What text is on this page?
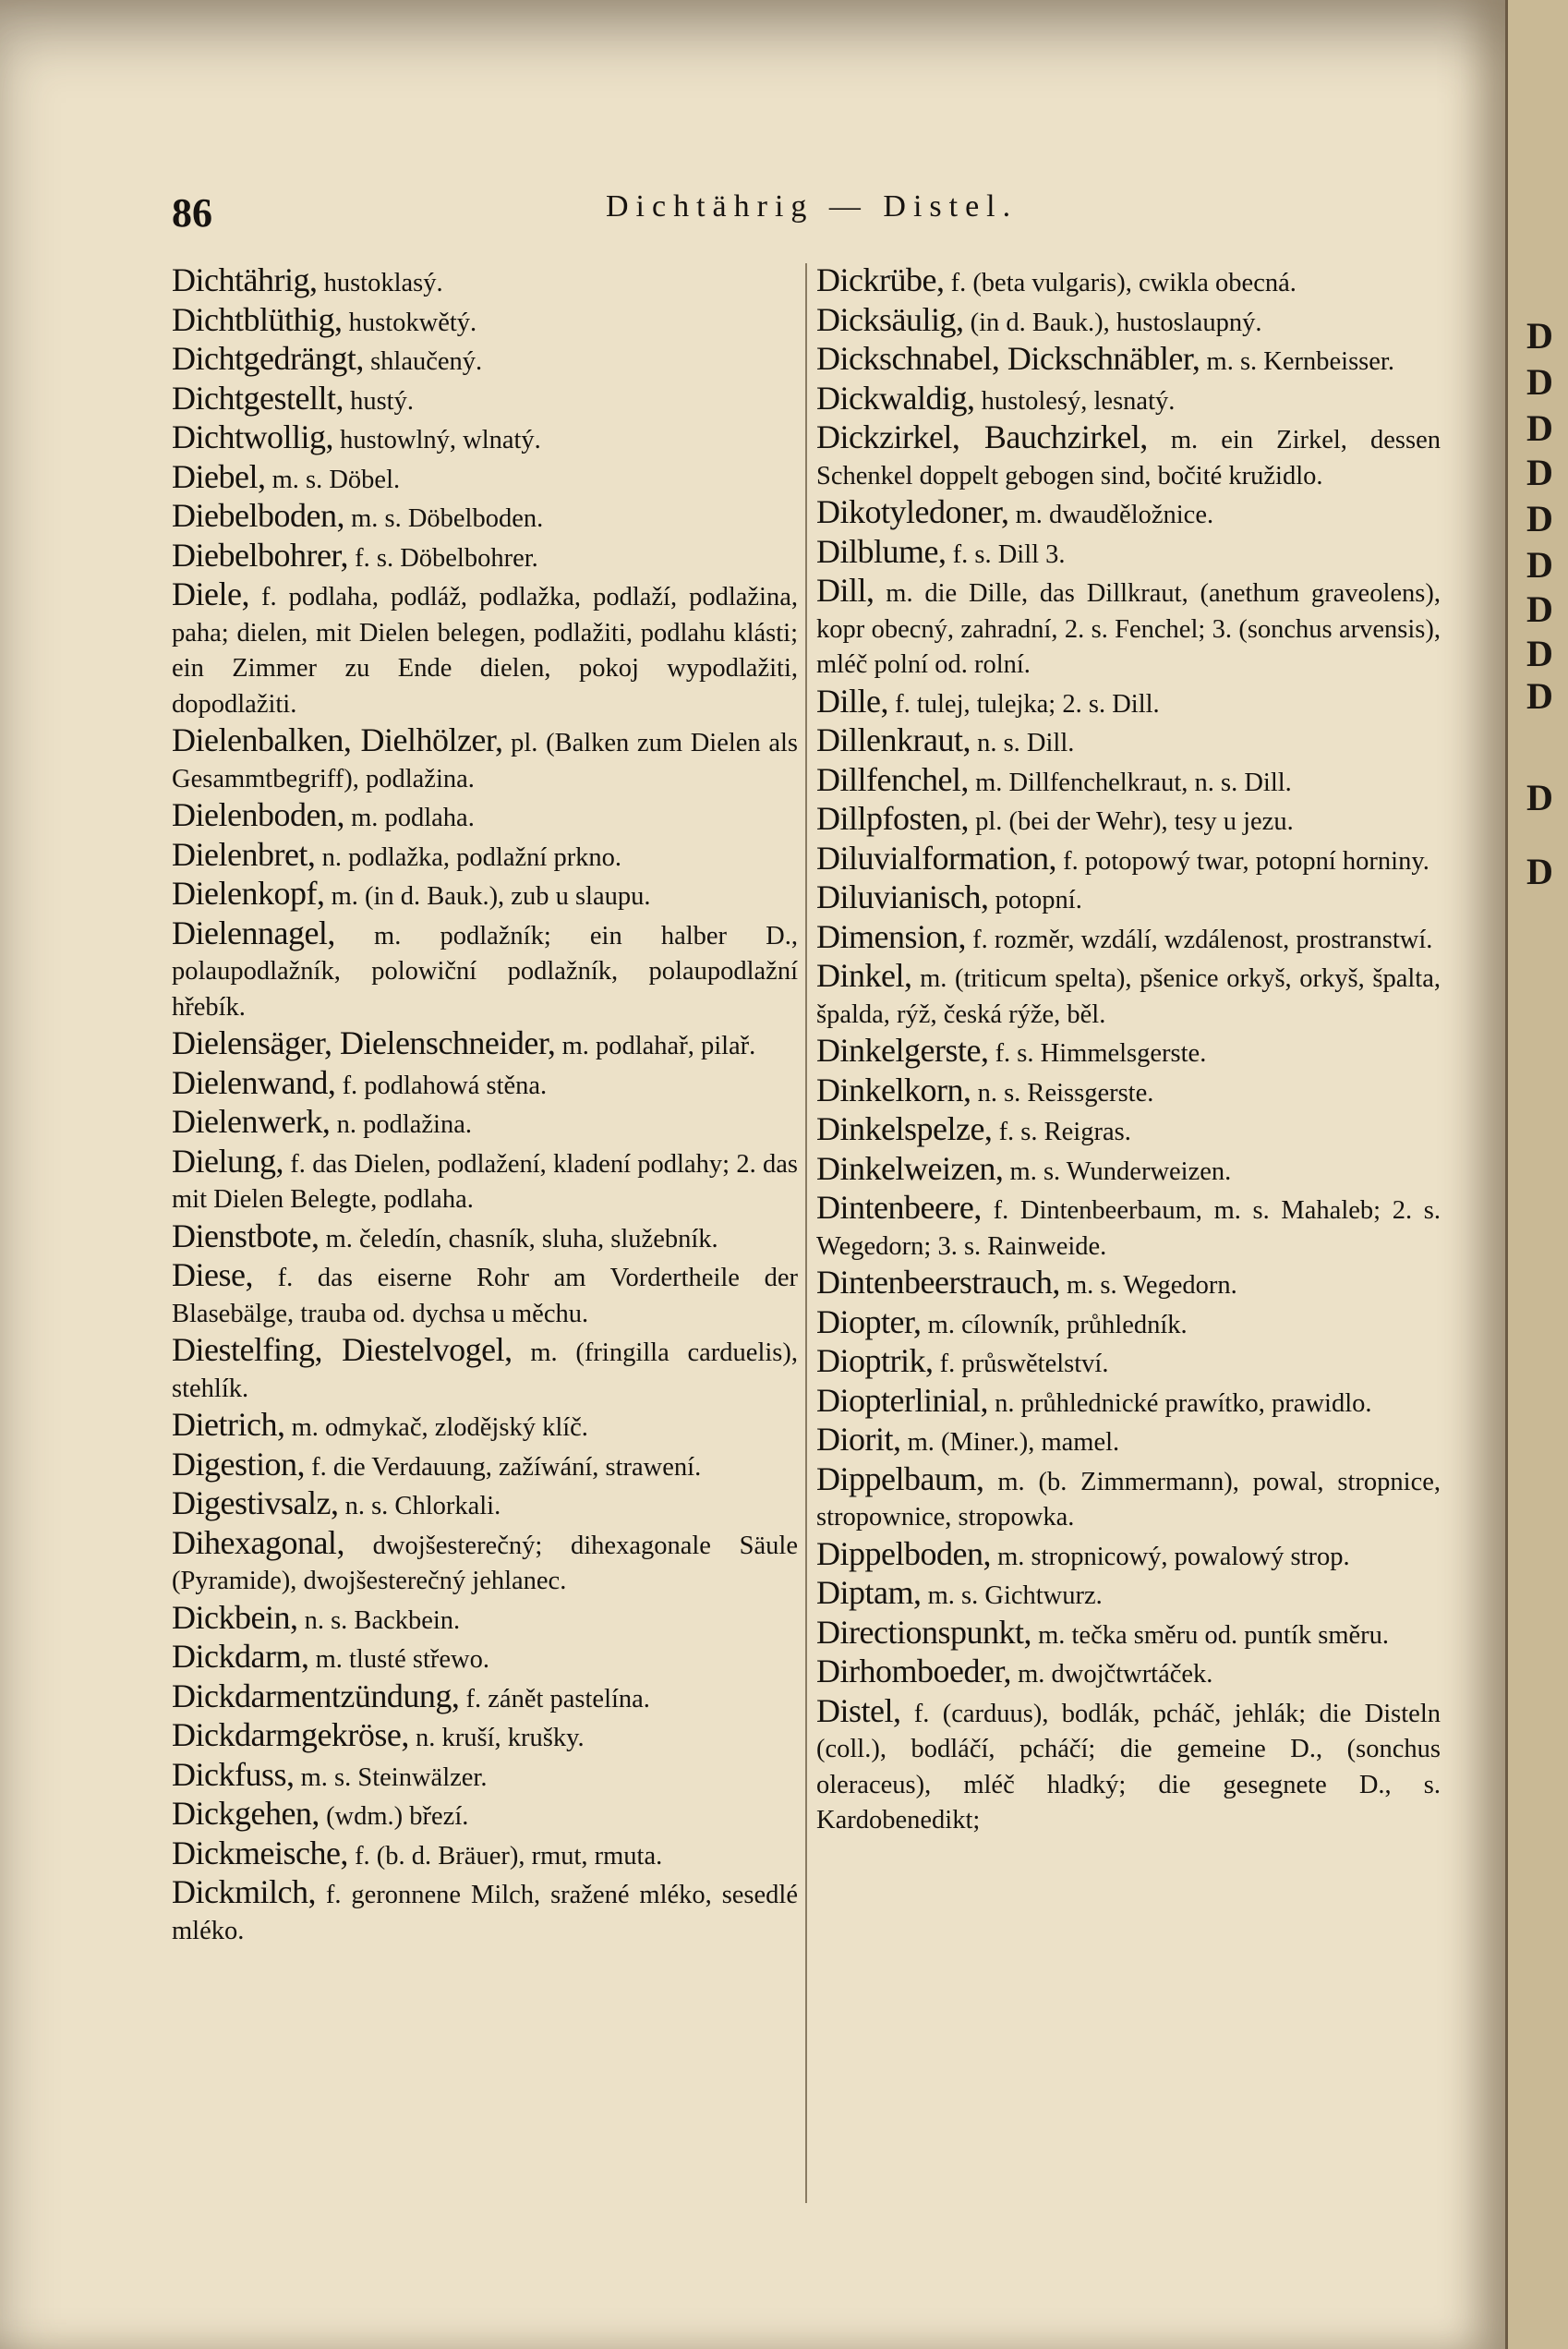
86	Dichtährig — Distel.
Dichtährig, hustoklasý.
Dichtblüthig, hustokwětý.
Dichtgedrängt, shlaučený.
Dichtgestellt, hustý.
Dichtwollig, hustowlný, wlnatý.
Diebel, m. s. Döbel.
Diebelboden, m. s. Döbelboden.
Diebelbohrer, f. s. Döbelbohrer.
Diele, f. podlaha, podláž, podlažka, podlaží, podlažina, paha; dielen, mit Dielen belegen, podlažiti, podlahu klásti; ein Zimmer zu Ende dielen, pokoj wypodlažiti, dopodlažiti.
Dielenbalken, Dielhölzer, pl. (Balken zum Dielen als Gesammtbegriff), podlažina.
Dielenboden, m. podlaha.
Dielenbret, n. podlažka, podlažní prkno.
Dielenkopf, m. (in d. Bauk.), zub u slaupu.
Dielennagel, m. podlažník; ein halber D., polaupodlažník, polowiční podlažník, polaupodlažní hřebík.
Dielensäger, Dielenschneider, m. podlahař, pilař.
Dielenwand, f. podlahowá stěna.
Dielenwerk, n. podlažina.
Dielung, f. das Dielen, podlažení, kladení podlahy; 2. das mit Dielen Belegte, podlaha.
Dienstbote, m. čeledín, chasník, sluha, služebník.
Diese, f. das eiserne Rohr am Vordertheile der Blasebälge, trauba od. dychsa u měchu.
Diestelfing, Diestelvogel, m. (fringilla carduelis), stehlík.
Dietrich, m. odmykač, zlodějský klíč.
Digestion, f. die Verdauung, zažíwání, strawení.
Digestivsalz, n. s. Chlorkali.
Dihexagonal, dwojšesterečný; dihexagonale Säule (Pyramide), dwojšesterečný jehlanec.
Dickbein, n. s. Backbein.
Dickdarm, m. tlusté střewo.
Dickdarmentzündung, f. zánět pastelína.
Dickdarmgekröse, n. kruší, krušky.
Dickfuss, m. s. Steinwälzer.
Dickgehen, (wdm.) březí.
Dickmeische, f. (b. d. Bräuer), rmut, rmuta.
Dickmilch, f. geronnene Milch, sražené mléko, sesedlé mléko.
Dickrübe, f. (beta vulgaris), cwikla obecná.
Dicksäulig, (in d. Bauk.), hustoslaupný.
Dickschnabel, Dickschnäbler, m. s. Kernbeisser.
Dickwaldig, hustolesý, lesnatý.
Dickzirkel, Bauchzirkel, m. ein Zirkel, dessen Schenkel doppelt gebogen sind, bočité kružidlo.
Dikotyledoner, m. dwauděložnice.
Dilblume, f. s. Dill 3.
Dill, m. die Dille, das Dillkraut, (anethum graveolens), kopr obecný, zahradní, 2. s. Fenchel; 3. (sonchus arvensis), mléč polní od. rolní.
Dille, f. tulej, tulejka; 2. s. Dill.
Dillenkraut, n. s. Dill.
Dillfenchel, m. Dillfenchelkraut, n. s. Dill.
Dillpfosten, pl. (bei der Wehr), tesy u jezu.
Diluvialformation, f. potopowý twar, potopní horniny.
Diluvianisch, potopní.
Dimension, f. rozměr, wzdálí, wzdálenost, prostranstwí.
Dinkel, m. (triticum spelta), pšenice orkyš, orkyš, špalta, špalda, rýž, česká rýže, běl.
Dinkelgerste, f. s. Himmelsgerste.
Dinkelkorn, n. s. Reissgerste.
Dinkelspelze, f. s. Reigras.
Dinkelweizen, m. s. Wunderweizen.
Dintenbeere, f. Dintenbeerbaum, m. s. Mahaleb; 2. s. Wegedorn; 3. s. Rainweide.
Dintenbeerstrauch, m. s. Wegedorn.
Diopter, m. cílowník, průhledník.
Dioptrik, f. průswětelství.
Diopterlinial, n. průhlednické prawítko, prawidlo.
Diorit, m. (Miner.), mamel.
Dippelbaum, m. (b. Zimmermann), powal, stropnice, stropownice, stropowka.
Dippelboden, m. stropnicowý, powalowý strop.
Diptam, m. s. Gichtwurz.
Directionspunkt, m. tečka směru od. puntík směru.
Dirhomboeder, m. dwojčtwrtáček.
Distel, f. (carduus), bodlák, pcháč, jehlák; die Disteln (coll.), bodláčí, pcháčí; die gemeine D., (sonchus oleraceus), mléč hladký; die gesegnete D., s. Kardobenedikt;
D
D
D
D
D
D
D
D
D
D
D
